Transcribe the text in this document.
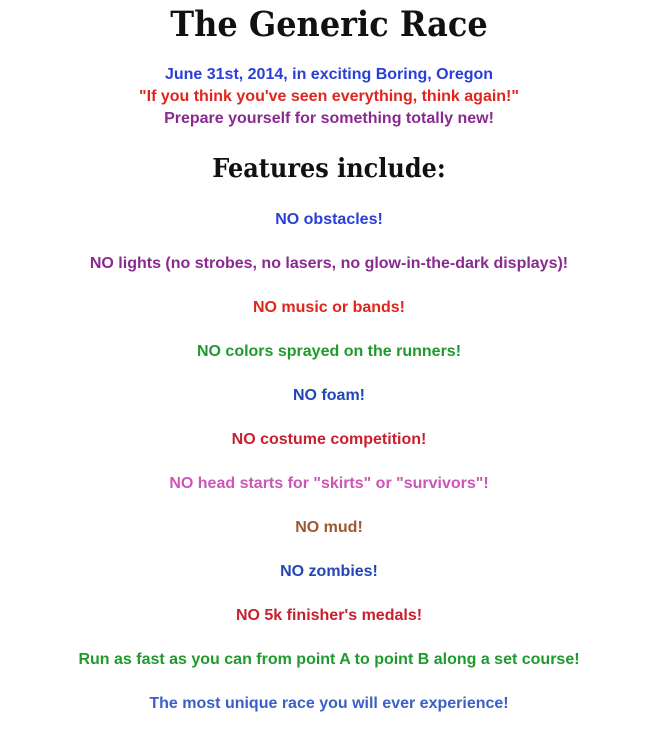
The Generic Race
June 31st, 2014, in exciting Boring, Oregon
"If you think you've seen everything, think again!"
Prepare yourself for something totally new!
Features include:
NO obstacles!
NO lights (no strobes, no lasers, no glow-in-the-dark displays)!
NO music or bands!
NO colors sprayed on the runners!
NO foam!
NO costume competition!
NO head starts for "skirts" or "survivors"!
NO mud!
NO zombies!
NO 5k finisher's medals!
Run as fast as you can from point A to point B along a set course!
The most unique race you will ever experience!
